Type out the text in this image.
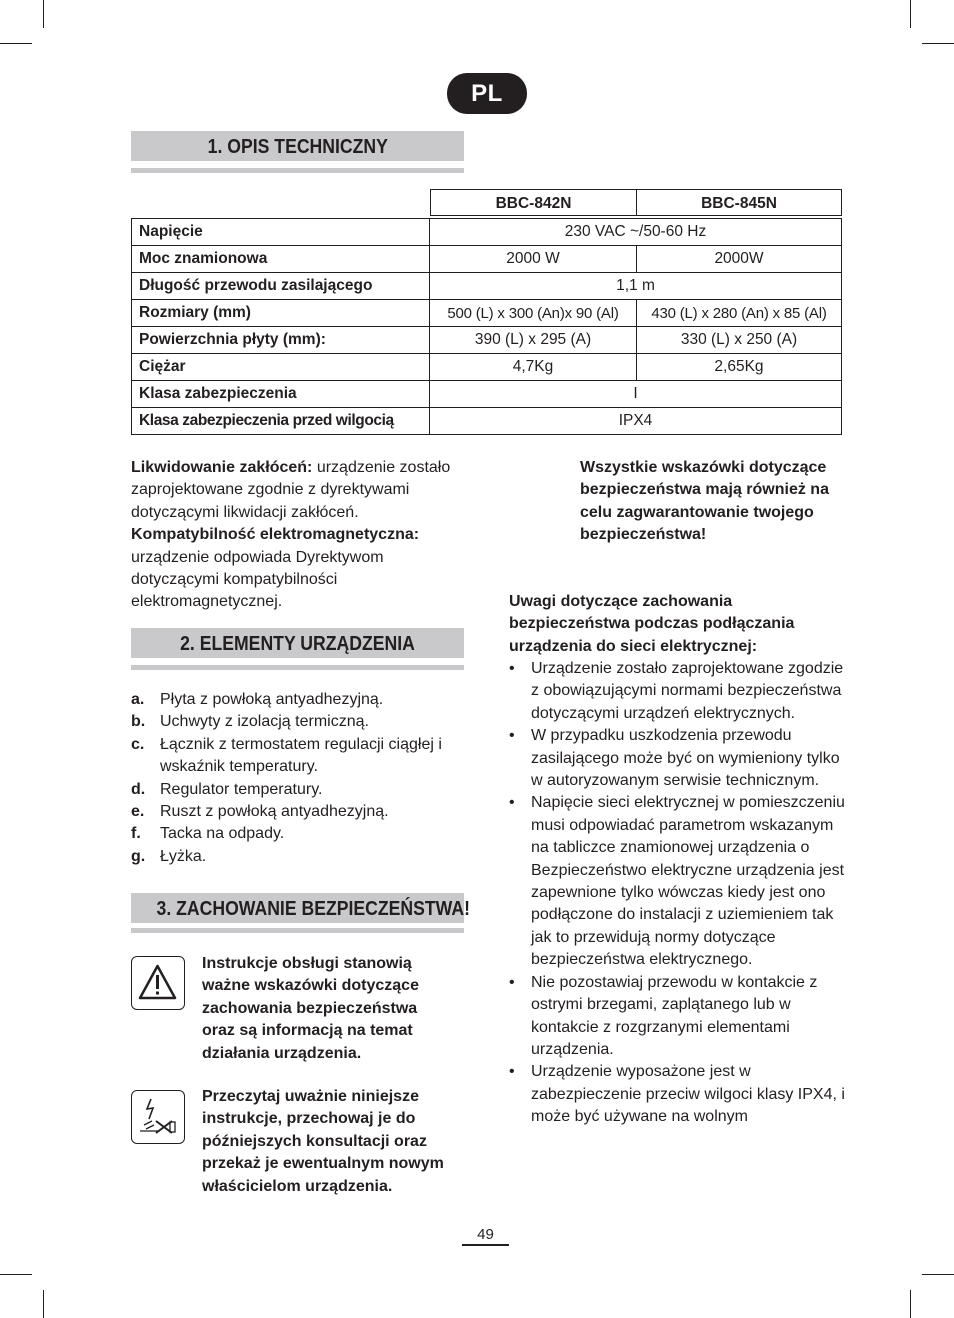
PL
1. OPIS TECHNICZNY
BBC-842N	BBC-845N
Napięcie	230 VAC ~/50-60 Hz	
Moc znamionowa	2000 W	2000W
Długość przewodu zasilającego	1,1 m	
Rozmiary (mm)	500 (L) x 300 (An)x 90 (Al)	430 (L) x 280 (An) x 85 (Al)
Powierzchnia płyty (mm):	390 (L) x 295 (A)	330 (L) x 250 (A)
Ciężar	4,7Kg	2,65Kg
Klasa zabezpieczenia	I	
Klasa zabezpieczenia przed wilgocią	IPX4	
Likwidowanie zakłóceń: urządzenie zostało zaprojektowane zgodnie z dyrektywami dotyczącymi likwidacji zakłóceń.
Kompatybilność elektromagnetyczna:
urządzenie odpowiada Dyrektywom dotyczącymi kompatybilności elektromagnetycznej.
2. ELEMENTY URZĄDZENIA
a. Płyta z powłoką antyadhezyjną.
b. Uchwyty z izolacją termiczną.
c. Łącznik z termostatem regulacji ciągłej i wskaźnik temperatury.
d. Regulator temperatury.
e. Ruszt z powłoką antyadhezyjną.
f. Tacka na odpady.
g. Łyżka.
3. ZACHOWANIE BEZPIECZEŃSTWA!
Instrukcje obsługi stanowią ważne wskazówki dotyczące zachowania bezpieczeństwa oraz są informacją na temat działania urządzenia.
Przeczytaj uważnie niniejsze instrukcje, przechowaj je do późniejszych konsultacji oraz przekaż je ewentualnym nowym właścicielom urządzenia.
Wszystkie wskazówki dotyczące bezpieczeństwa mają również na celu zagwarantowanie twojego bezpieczeństwa!
Uwagi dotyczące zachowania bezpieczeństwa podczas podłączania urządzenia do sieci elektrycznej:
• Urządzenie zostało zaprojektowane zgodzie z obowiązującymi normami bezpieczeństwa dotyczącymi urządzeń elektrycznych.
• W przypadku uszkodzenia przewodu zasilającego może być on wymieniony tylko w autoryzowanym serwisie technicznym.
• Napięcie sieci elektrycznej w pomieszczeniu musi odpowiadać parametrom wskazanym na tabliczce znamionowej urządzenia o Bezpieczeństwo elektryczne urządzenia jest zapewnione tylko wówczas kiedy jest ono podłączone do instalacji z uziemieniem tak jak to przewidują normy dotyczące bezpieczeństwa elektrycznego.
• Nie pozostawiaj przewodu w kontakcie z ostrymi brzegami, zaplątanego lub w kontakcie z rozgrzanymi elementami urządzenia.
• Urządzenie wyposażone jest w zabezpieczenie przeciw wilgoci klasy IPX4, i może być używane na wolnym
49
